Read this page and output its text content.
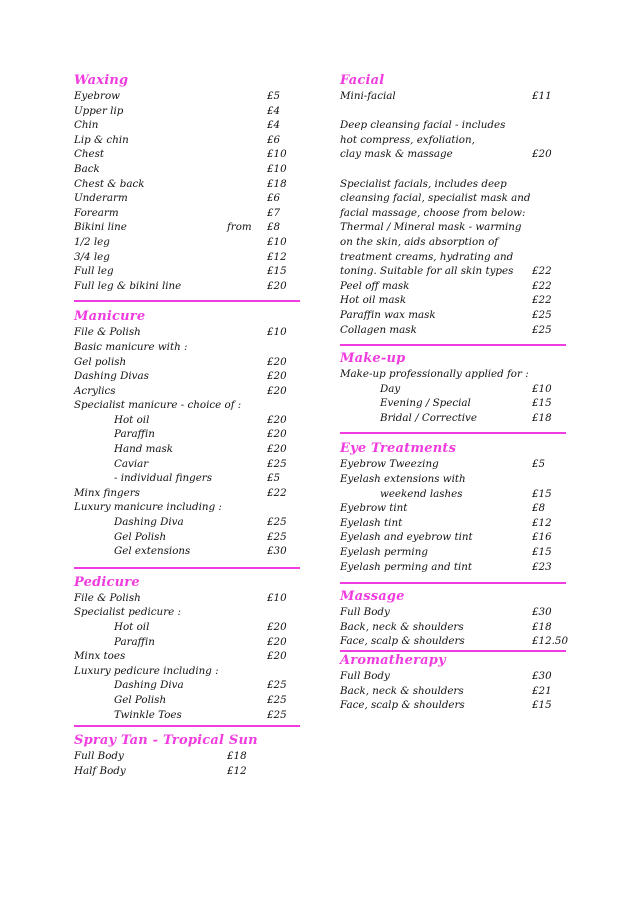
Waxing
Eyebrow	£5
Upper lip	£4
Chin	£4
Lip & chin	£6
Chest	£10
Back	£10
Chest & back	£18
Underarm	£6
Forearm	£7
Bikini line	from £8
1/2 leg	£10
3/4 leg	£12
Full leg	£15
Full leg & bikini line	£20
Manicure
File & Polish	£10
Basic manicure with :
Gel polish	£20
Dashing Divas	£20
Acrylics	£20
Specialist manicure - choice of :
Hot oil	£20
Paraffin	£20
Hand mask	£20
Caviar	£25
- individual fingers	£5
Minx fingers	£22
Luxury manicure including :
Dashing Diva	£25
Gel Polish	£25
Gel extensions	£30
Pedicure
File & Polish	£10
Specialist pedicure :
Hot oil	£20
Paraffin	£20
Minx toes	£20
Luxury pedicure including :
Dashing Diva	£25
Gel Polish	£25
Twinkle Toes	£25
Spray Tan - Tropical Sun
Full Body	£18
Half Body	£12
Facial
Mini-facial	£11
Deep cleansing facial - includes
hot compress, exfoliation,
clay mask & massage	£20
Specialist facials, includes deep
cleansing facial, specialist mask and
facial massage, choose from below:
Thermal / Mineral mask - warming
on the skin, aids absorption of
treatment creams, hydrating and
toning. Suitable for all skin types £22
Peel off mask	£22
Hot oil mask	£22
Paraffin wax mask	£25
Collagen mask	£25
Make-up
Make-up professionally applied for :
Day	£10
Evening / Special	£15
Bridal / Corrective	£18
Eye Treatments
Eyebrow Tweezing	£5
Eyelash extensions with
weekend lashes	£15
Eyebrow tint	£8
Eyelash tint	£12
Eyelash and eyebrow tint	£16
Eyelash perming	£15
Eyelash perming and tint	£23
Massage
Full Body	£30
Back, neck & shoulders	£18
Face, scalp & shoulders	£12.50
Aromatherapy
Full Body	£30
Back, neck & shoulders	£21
Face, scalp & shoulders	£15
